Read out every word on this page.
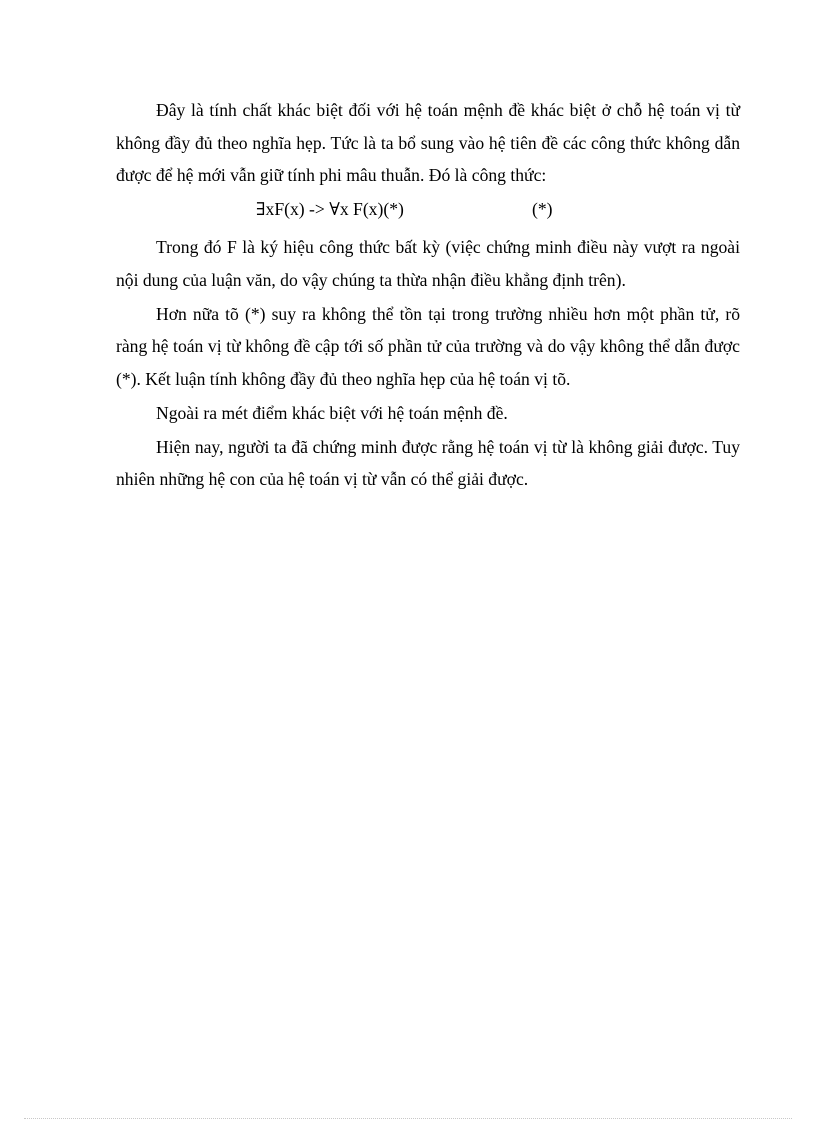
Đây là tính chất khác biệt đối với hệ toán mệnh đề khác biệt ở chỗ hệ toán vị từ không đầy đủ theo nghĩa hẹp. Tức là ta bổ sung vào hệ tiên đề các công thức không dẫn được để hệ mới vẫn giữ tính phi mâu thuẫn. Đó là công thức:

∃xF(x) -> ∀x F(x)(*)	(*)

Trong đó F là ký hiệu công thức bất kỳ (việc chứng minh điều này vượt ra ngoài nội dung của luận văn, do vậy chúng ta thừa nhận điều khẳng định trên).

Hơn nữa tõ (*) suy ra không thể tồn tại trong trường nhiều hơn một phần tử, rõ ràng hệ toán vị từ không đề cập tới số phần tử của trường và do vậy không thể dẫn được (*). Kết luận tính không đầy đủ theo nghĩa hẹp của hệ toán vị tõ.

Ngoài ra mét điểm khác biệt với hệ toán mệnh đề.

Hiện nay, người ta đã chứng minh được rằng hệ toán vị từ là không giải được. Tuy nhiên những hệ con của hệ toán vị từ vẫn có thể giải được.
